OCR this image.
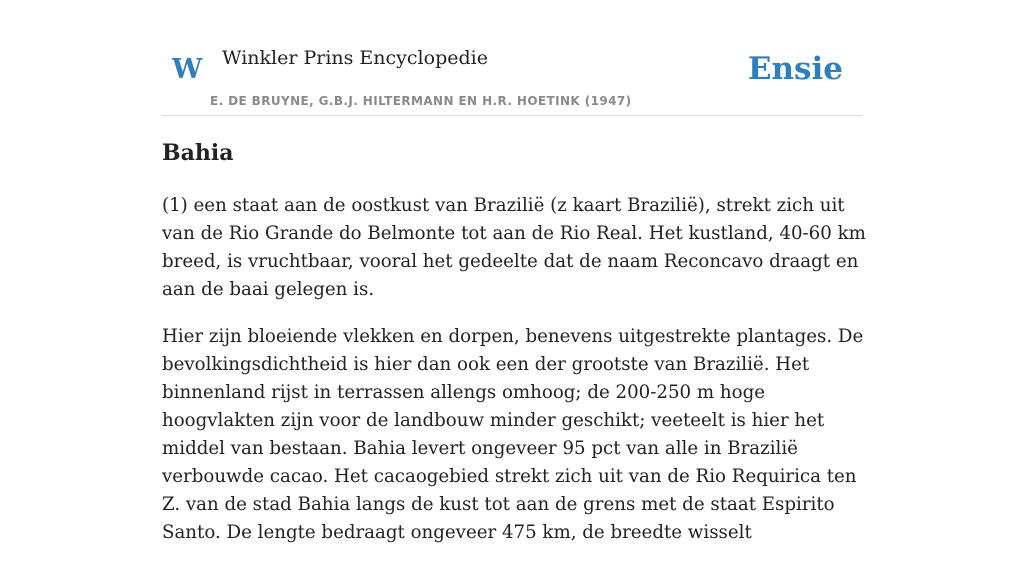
W Winkler Prins Encyclopedie
E. DE BRUYNE, G.B.J. HILTERMANN EN H.R. HOETINK (1947)
Ensie
Bahia

(1) een staat aan de oostkust van Brazilië (z kaart Brazilië), strekt zich uit van de Rio Grande do Belmonte tot aan de Rio Real. Het kustland, 40-60 km breed, is vruchtbaar, vooral het gedeelte dat de naam Reconcavo draagt en aan de baai gelegen is.

Hier zijn bloeiende vlekken en dorpen, benevens uitgestrekte plantages. De bevolkingsdichtheid is hier dan ook een der grootste van Brazilië. Het binnenland rijst in terrassen allengs omhoog; de 200-250 m hoge hoogvlakten zijn voor de landbouw minder geschikt; veeteelt is hier het middel van bestaan. Bahia levert ongeveer 95 pct van alle in Brazilië verbouwde cacao. Het cacaogebied strekt zich uit van de Rio Requirica ten Z. van de stad Bahia langs de kust tot aan de grens met de staat Espirito Santo. De lengte bedraagt ongeveer 475 km, de breedte wisselt
